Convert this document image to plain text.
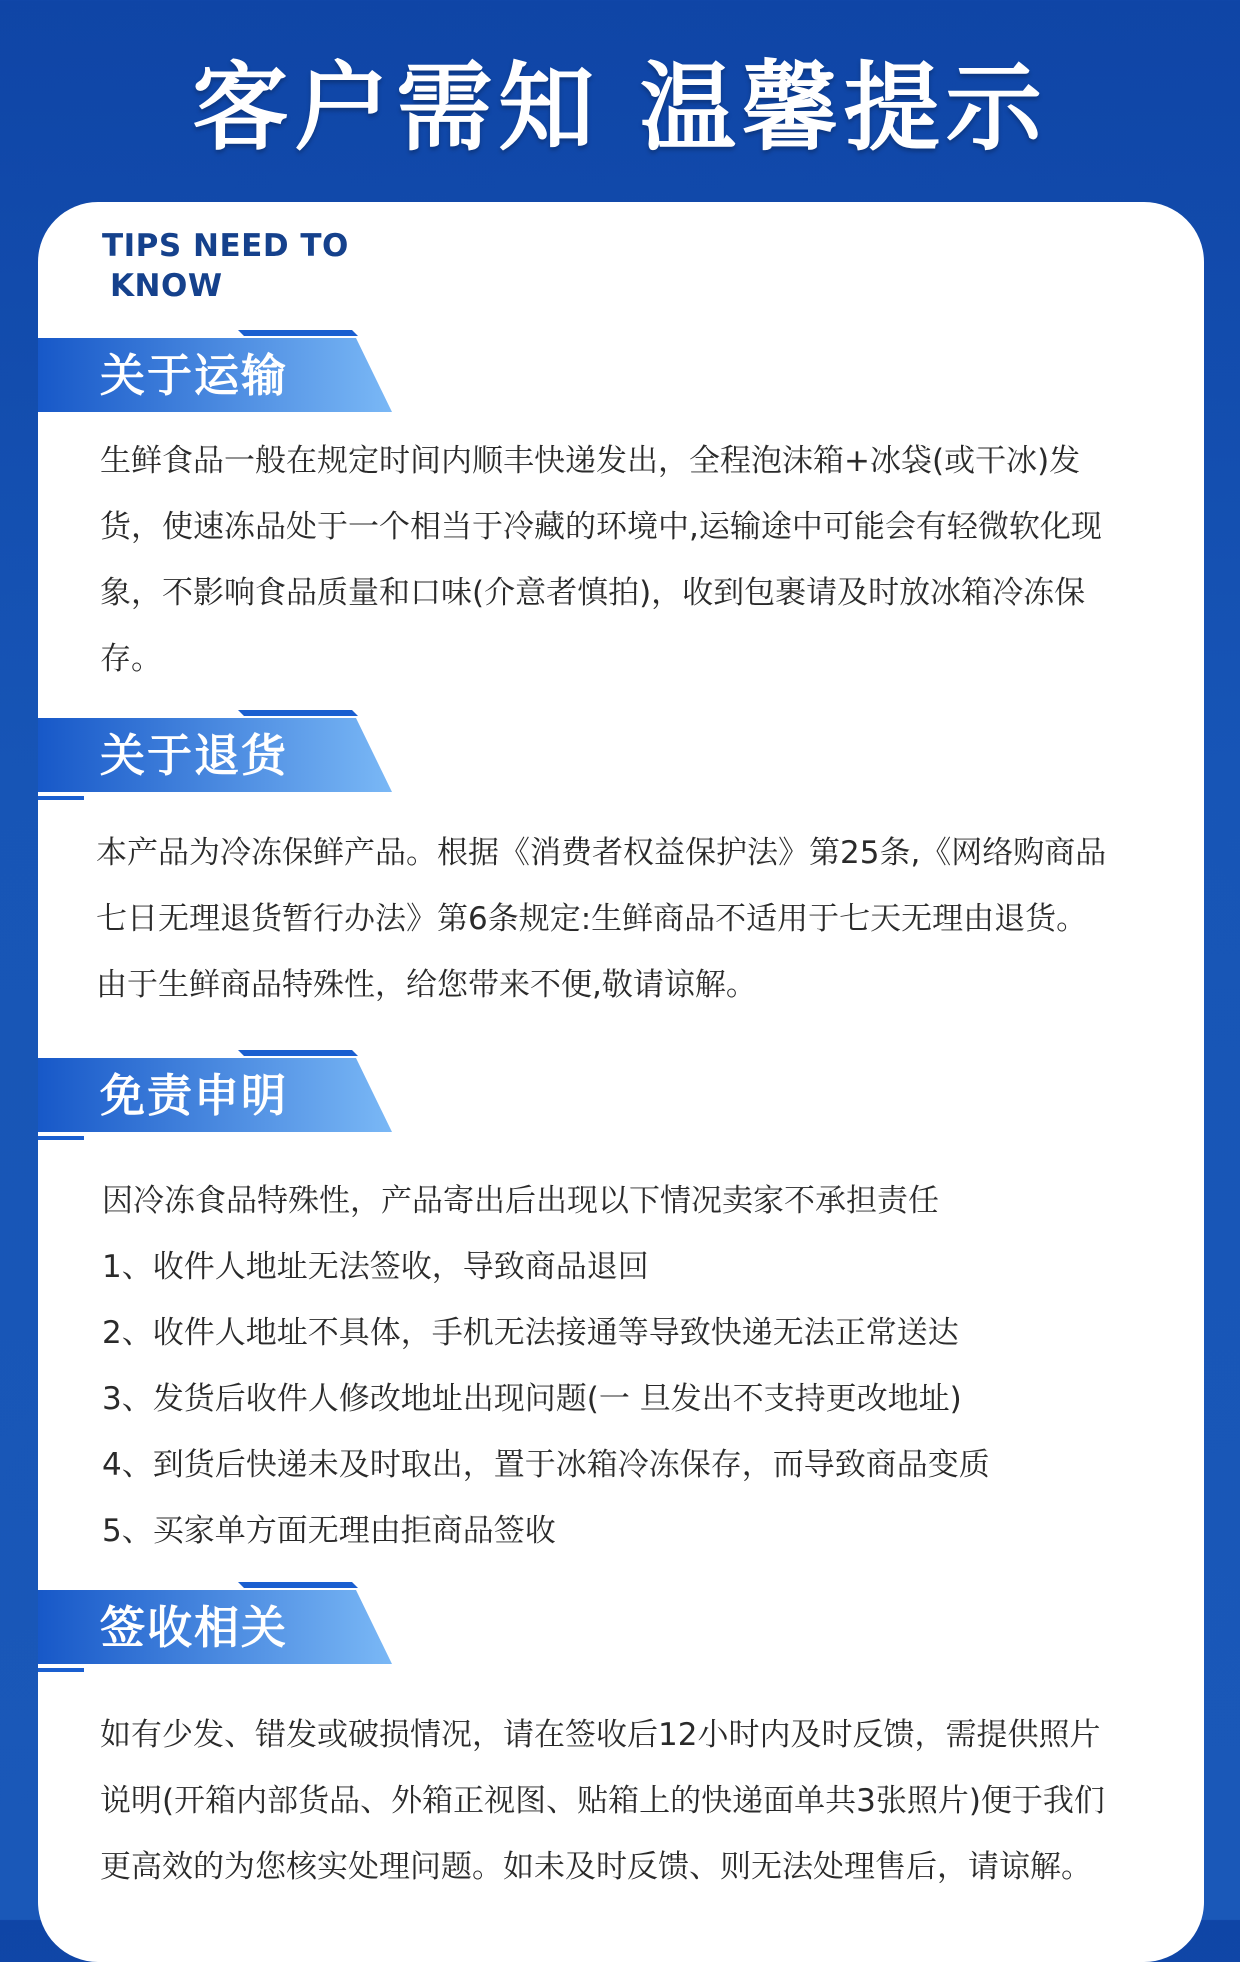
客户需知 温馨提示
TIPS NEED TO
KNOW
关于运输

生鲜食品一般在规定时间内顺丰快递发出，全程泡沫箱+冰袋(或干冰)发货，使速冻品处于一个相当于冷藏的环境中,运输途中可能会有轻微软化现象，不影响食品质量和口味(介意者慎拍)，收到包裹请及时放冰箱冷冻保存。

关于退货

本产品为冷冻保鲜产品。根据《消费者权益保护法》第25条,《网络购商品七日无理退货暂行办法》第6条规定:生鲜商品不适用于七天无理由退货。由于生鲜商品特殊性，给您带来不便,敬请谅解。

免责申明
因冷冻食品特殊性，产品寄出后出现以下情况卖家不承担责任
1、收件人地址无法签收，导致商品退回
2、收件人地址不具体，手机无法接通等导致快递无法正常送达
3、发货后收件人修改地址出现问题(一 旦发出不支持更改地址)
4、到货后快递未及时取出，置于冰箱冷冻保存，而导致商品变质
5、买家单方面无理由拒商品签收
签收相关

如有少发、错发或破损情况，请在签收后12小时内及时反馈，需提供照片说明(开箱内部货品、外箱正视图、贴箱上的快递面单共3张照片)便于我们更高效的为您核实处理问题。如未及时反馈、则无法处理售后，请谅解。
